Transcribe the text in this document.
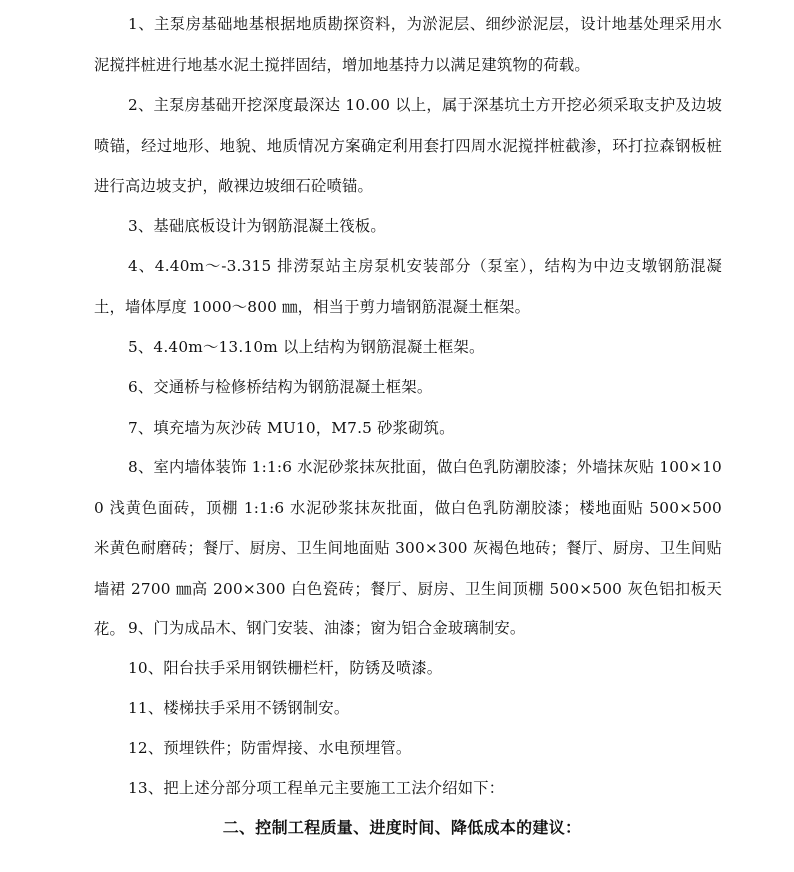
1、主泵房基础地基根据地质勘探资料，为淤泥层、细纱淤泥层，设计地基处理采用水泥搅拌桩进行地基水泥土搅拌固结，增加地基持力以满足建筑物的荷载。

2、主泵房基础开挖深度最深达 10.00 以上，属于深基坑土方开挖必须采取支护及边坡喷锚，经过地形、地貌、地质情况方案确定利用套打四周水泥搅拌桩截渗，环打拉森钢板桩进行高边坡支护，敞裸边坡细石砼喷锚。

3、基础底板设计为钢筋混凝土筏板。

4、4.40m～-3.315 排涝泵站主房泵机安装部分（泵室），结构为中边支墩钢筋混凝土，墙体厚度 1000～800 ㎜，相当于剪力墙钢筋混凝土框架。

5、4.40m～13.10m 以上结构为钢筋混凝土框架。

6、交通桥与检修桥结构为钢筋混凝土框架。

7、填充墙为灰沙砖 MU10，M7.5 砂浆砌筑。

8、室内墙体装饰 1:1:6 水泥砂浆抹灰批面，做白色乳防潮胶漆；外墙抹灰贴 100×100 浅黄色面砖，顶棚 1:1:6 水泥砂浆抹灰批面，做白色乳防潮胶漆；楼地面贴 500×500 米黄色耐磨砖；餐厅、厨房、卫生间地面贴 300×300 灰褐色地砖；餐厅、厨房、卫生间贴墙裙 2700 ㎜高 200×300 白色瓷砖；餐厅、厨房、卫生间顶棚 500×500 灰色铝扣板天花。 9、门为成品木、钢门安装、油漆；窗为铝合金玻璃制安。

10、阳台扶手采用钢铁栅栏杆，防锈及喷漆。

11、楼梯扶手采用不锈钢制安。

12、预埋铁件；防雷焊接、水电预埋管。

13、把上述分部分项工程单元主要施工工法介绍如下：

二、控制工程质量、进度时间、降低成本的建议：
